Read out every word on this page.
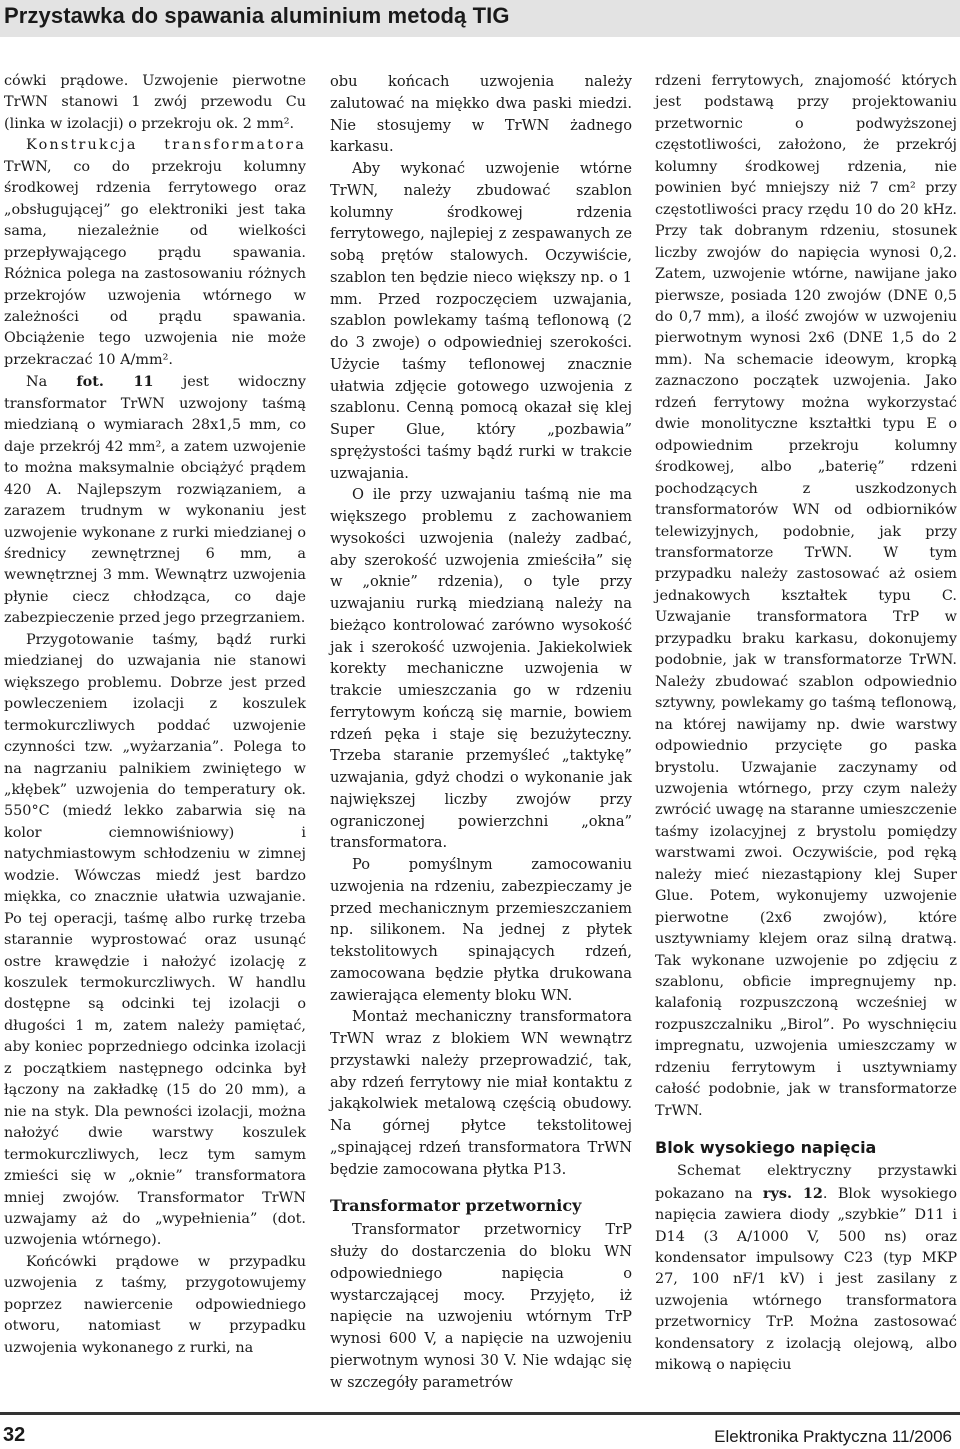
Przystawka do spawania aluminium metodą TIG

cówki prądowe. Uzwojenie pierwotne TrWN stanowi 1 zwój przewodu Cu (linka w izolacji) o przekroju ok. 2 mm².

Konstrukcja transformatora TrWN, co do przekroju kolumny środkowej rdzenia ferrytowego oraz „obsługującej” go elektroniki jest taka sama, niezależnie od wielkości przepływającego prądu spawania. Różnica polega na zastosowaniu różnych przekrojów uzwojenia wtórnego w zależności od prądu spawania. Obciążenie tego uzwojenia nie może przekraczać 10 A/mm².

Na fot. 11 jest widoczny transformator TrWN uzwojony taśmą miedzianą o wymiarach 28x1,5 mm, co daje przekrój 42 mm², a zatem uzwojenie to można maksymalnie obciążyć prądem 420 A. Najlepszym rozwiązaniem, a zarazem trudnym w wykonaniu jest uzwojenie wykonane z rurki miedzianej o średnicy zewnętrznej 6 mm, a wewnętrznej 3 mm. Wewnątrz uzwojenia płynie ciecz chłodząca, co daje zabezpieczenie przed jego przegrzaniem.

Przygotowanie taśmy, bądź rurki miedzianej do uzwajania nie stanowi większego problemu. Dobrze jest przed powleczeniem izolacji z koszulek termokurczliwych poddać uzwojenie czynności tzw. „wyżarzania”. Polega to na nagrzaniu palnikiem zwiniętego w „kłębek” uzwojenia do temperatury ok. 550°C (miedź lekko zabarwia się na kolor ciemnowiśniowy) i natychmiastowym schłodzeniu w zimnej wodzie. Wówczas miedź jest bardzo miękka, co znacznie ułatwia uzwajanie. Po tej operacji, taśmę albo rurkę trzeba starannie wyprostować oraz usunąć ostre krawędzie i nałożyć izolację z koszulek termokurczliwych. W handlu dostępne są odcinki tej izolacji o długości 1 m, zatem należy pamiętać, aby koniec poprzedniego odcinka izolacji z początkiem następnego odcinka był łączony na zakładkę (15 do 20 mm), a nie na styk. Dla pewności izolacji, można nałożyć dwie warstwy koszulek termokurczliwych, lecz tym samym zmieści się w „oknie” transformatora mniej zwojów. Transformator TrWN uzwajamy aż do „wypełnienia” (dot. uzwojenia wtórnego).

Końcówki prądowe w przypadku uzwojenia z taśmy, przygotowujemy poprzez nawiercenie odpowiedniego otworu, natomiast w przypadku uzwojenia wykonanego z rurki, na

obu końcach uzwojenia należy zalutować na miękko dwa paski miedzi. Nie stosujemy w TrWN żadnego karkasu.

Aby wykonać uzwojenie wtórne TrWN, należy zbudować szablon kolumny środkowej rdzenia ferrytowego, najlepiej z zespawanych ze sobą prętów stalowych. Oczywiście, szablon ten będzie nieco większy np. o 1 mm. Przed rozpoczęciem uzwajania, szablon powlekamy taśmą teflonową (2 do 3 zwoje) o odpowiedniej szerokości. Użycie taśmy teflonowej znacznie ułatwia zdjęcie gotowego uzwojenia z szablonu. Cenną pomocą okazał się klej Super Glue, który „pozbawia” sprężystości taśmy bądź rurki w trakcie uzwajania.

O ile przy uzwajaniu taśmą nie ma większego problemu z zachowaniem wysokości uzwojenia (należy zadbać, aby szerokość uzwojenia zmieściła” się w „oknie” rdzenia), o tyle przy uzwajaniu rurką miedzianą należy na bieżąco kontrolować zarówno wysokość jak i szerokość uzwojenia. Jakiekolwiek korekty mechaniczne uzwojenia w trakcie umieszczania go w rdzeniu ferrytowym kończą się marnie, bowiem rdzeń pęka i staje się bezużyteczny. Trzeba staranie przemyśleć „taktykę” uzwajania, gdyż chodzi o wykonanie jak największej liczby zwojów przy ograniczonej powierzchni „okna” transformatora.

Po pomyślnym zamocowaniu uzwojenia na rdzeniu, zabezpieczamy je przed mechanicznym przemieszczaniem np. silikonem. Na jednej z płytek tekstolitowych spinających rdzeń, zamocowana będzie płytka drukowana zawierająca elementy bloku WN.

Montaż mechaniczny transformatora TrWN wraz z blokiem WN wewnątrz przystawki należy przeprowadzić, tak, aby rdzeń ferrytowy nie miał kontaktu z jakąkolwiek metalową częścią obudowy. Na górnej płytce tekstolitowej „spinającej rdzeń transformatora TrWN będzie zamocowana płytka P13.

Transformator przetwornicy

Transformator przetwornicy TrP służy do dostarczenia do bloku WN odpowiedniego napięcia o wystarczającej mocy. Przyjęto, iż napięcie na uzwojeniu wtórnym TrP wynosi 600 V, a napięcie na uzwojeniu pierwotnym wynosi 30 V. Nie wdając się w szczegóły parametrów

rdzeni ferrytowych, znajomość których jest podstawą przy projektowaniu przetwornic o podwyższonej częstotliwości, założono, że przekrój kolumny środkowej rdzenia, nie powinien być mniejszy niż 7 cm² przy częstotliwości pracy rzędu 10 do 20 kHz. Przy tak dobranym rdzeniu, stosunek liczby zwojów do napięcia wynosi 0,2. Zatem, uzwojenie wtórne, nawijane jako pierwsze, posiada 120 zwojów (DNE 0,5 do 0,7 mm), a ilość zwojów w uzwojeniu pierwotnym wynosi 2x6 (DNE 1,5 do 2 mm). Na schemacie ideowym, kropką zaznaczono początek uzwojenia. Jako rdzeń ferrytowy można wykorzystać dwie monolityczne kształtki typu E o odpowiednim przekroju kolumny środkowej, albo „baterię” rdzeni pochodzących z uszkodzonych transformatorów WN od odbiorników telewizyjnych, podobnie, jak przy transformatorze TrWN. W tym przypadku należy zastosować aż osiem jednakowych kształtek typu C. Uzwajanie transformatora TrP w przypadku braku karkasu, dokonujemy podobnie, jak w transformatorze TrWN. Należy zbudować szablon odpowiednio sztywny, powlekamy go taśmą teflonową, na której nawijamy np. dwie warstwy odpowiednio przycięte go paska brystolu. Uzwajanie zaczynamy od uzwojenia wtórnego, przy czym należy zwrócić uwagę na staranne umieszczenie taśmy izolacyjnej z brystolu pomiędzy warstwami zwoi. Oczywiście, pod ręką należy mieć niezastąpiony klej Super Glue. Potem, wykonujemy uzwojenie pierwotne (2x6 zwojów), które usztywniamy klejem oraz silną dratwą. Tak wykonane uzwojenie po zdjęciu z szablonu, obficie impregnujemy np. kalafonią rozpuszczoną wcześniej w rozpuszczalniku „Birol”. Po wyschnięciu impregnatu, uzwojenia umieszczamy w rdzeniu ferrytowym i usztywniamy całość podobnie, jak w transformatorze TrWN.

Blok wysokiego napięcia

Schemat elektryczny przystawki pokazano na rys. 12. Blok wysokiego napięcia zawiera diody „szybkie” D11 i D14 (3 A/1000 V, 500 ns) oraz kondensator impulsowy C23 (typ MKP 27, 100 nF/1 kV) i jest zasilany z uzwojenia wtórnego transformatora przetwornicy TrP. Można zastosować kondensatory z izolacją olejową, albo mikową o napięciu

32	Elektronika Praktyczna 11/2006
